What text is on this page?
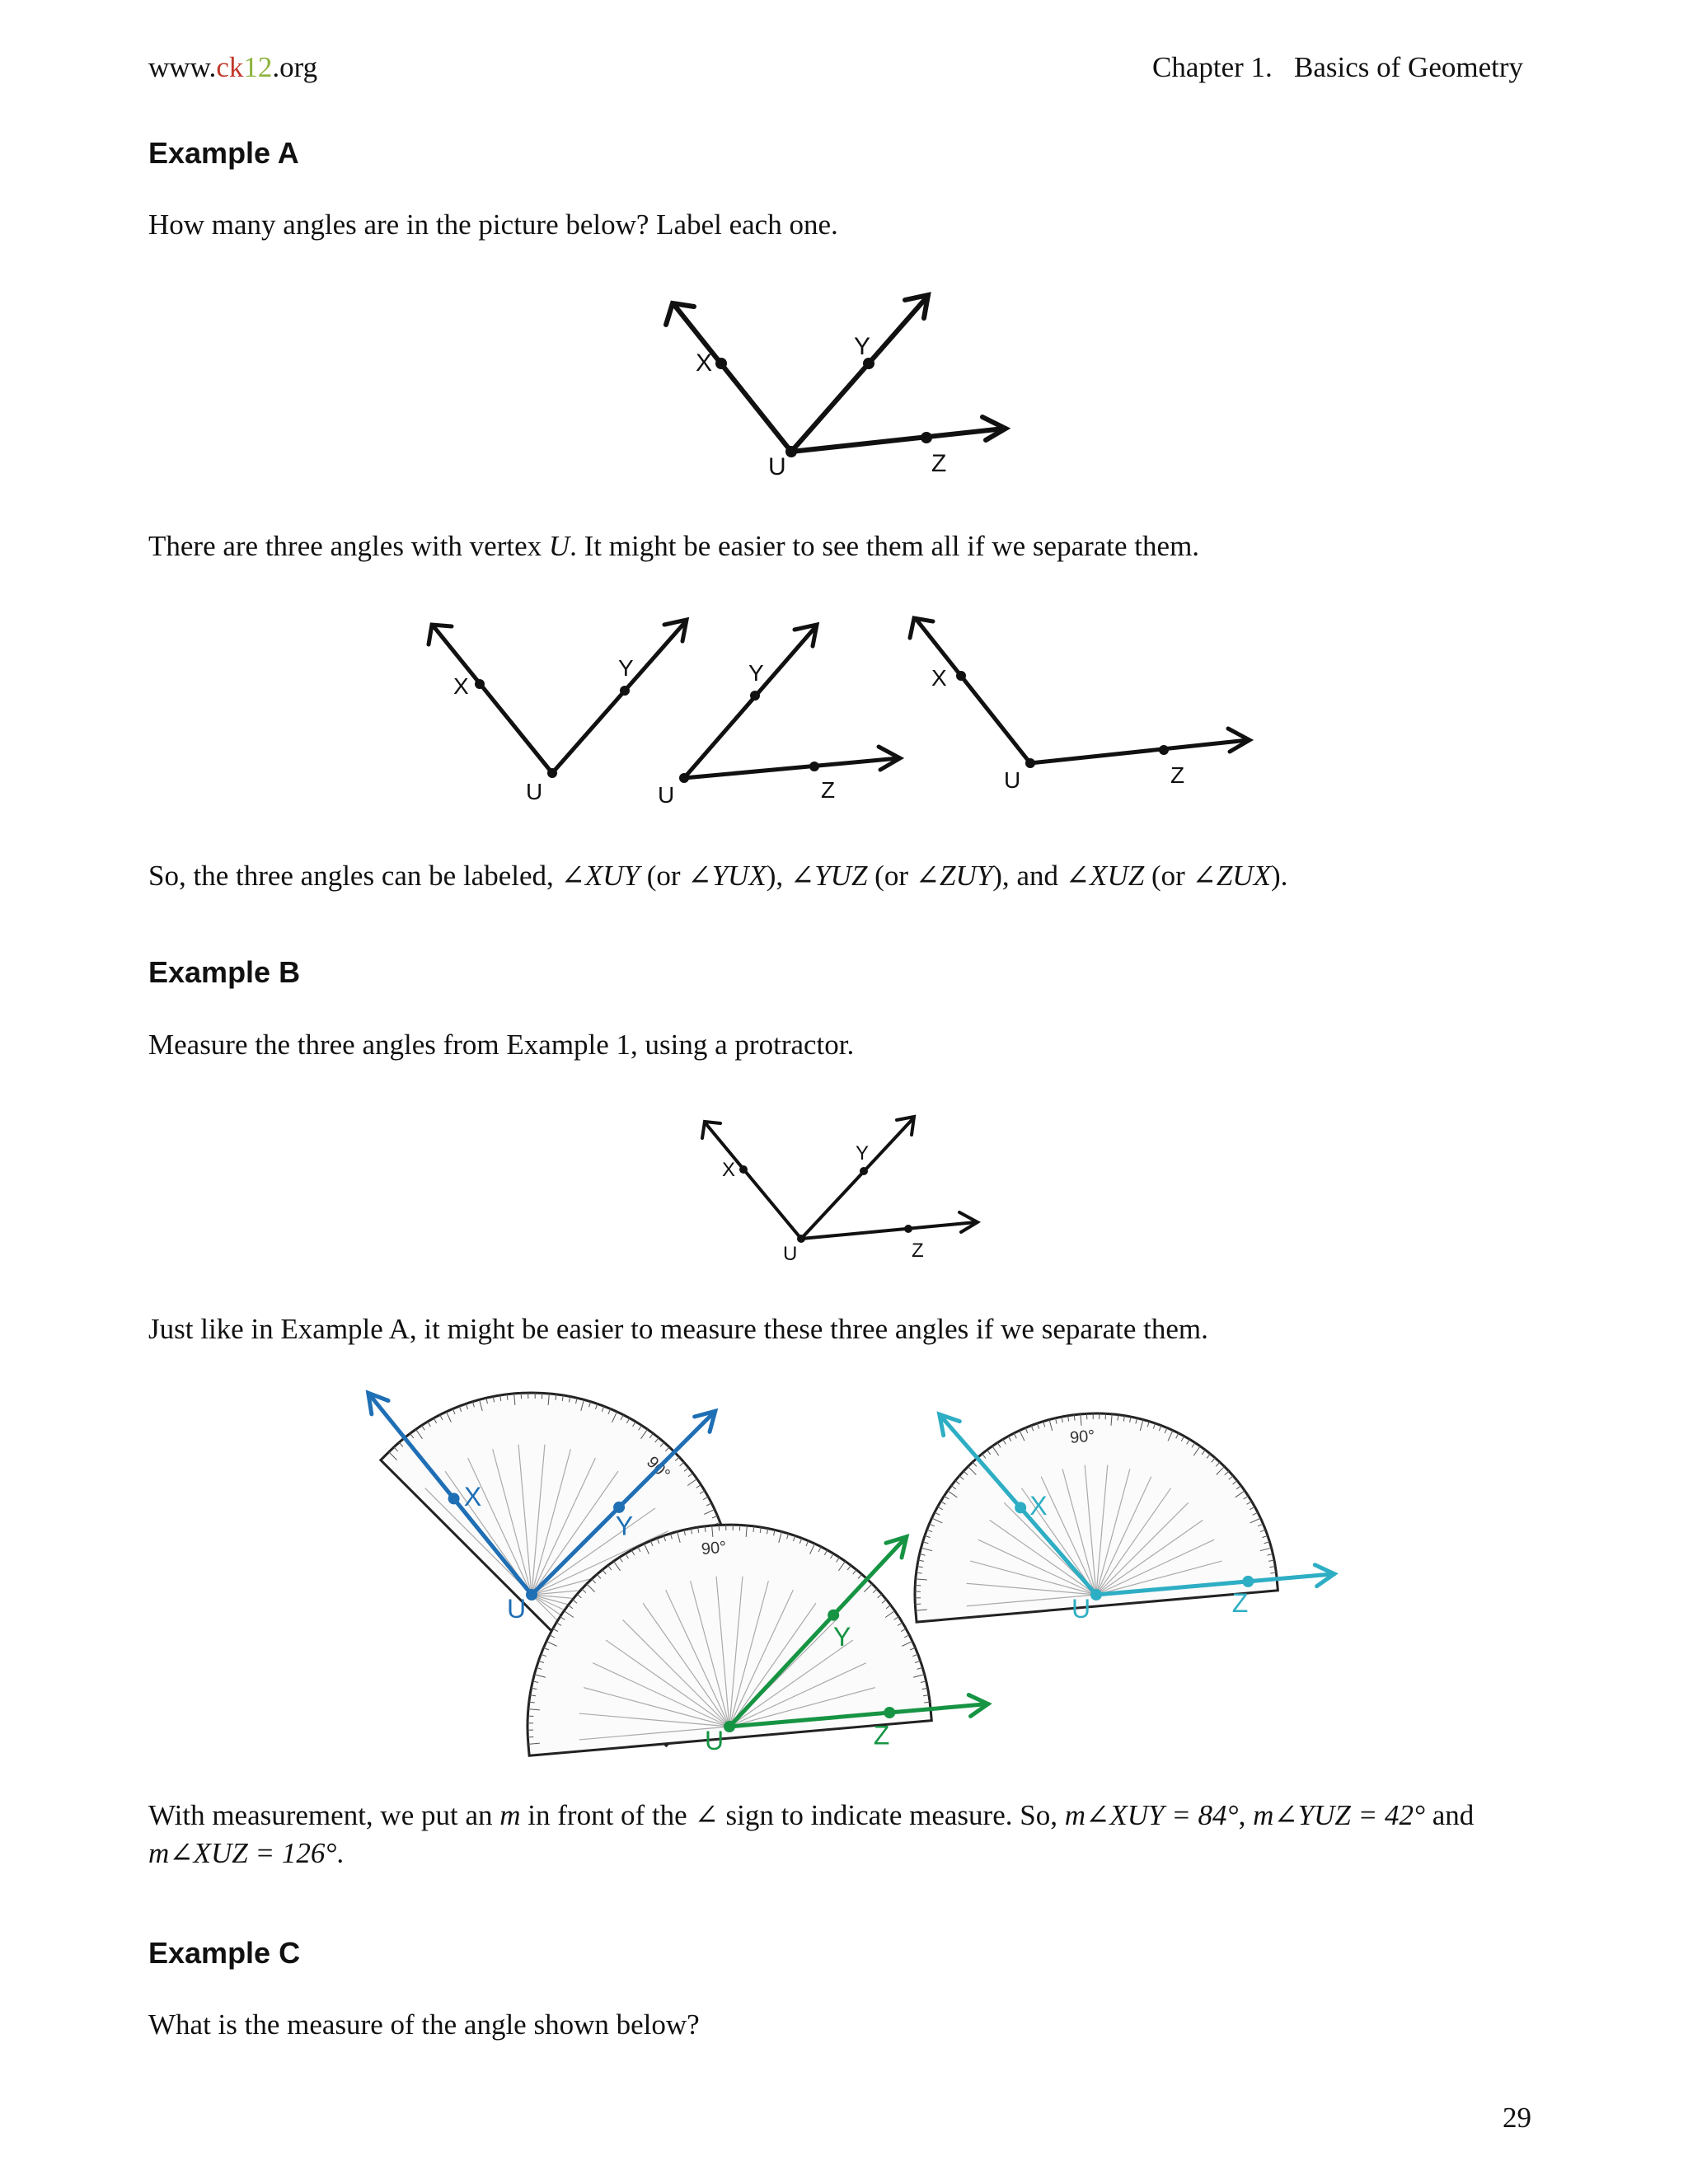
www.ck12.org	Chapter 1. Basics of Geometry
Example A
How many angles are in the picture below? Label each one.
X
Y
U	Z
There are three angles with vertex U. It might be easier to see them all if we separate them.
X
Y
U	U
Y
Z
X
U	Z
So, the three angles can be labeled, ∠XUY (or ∠YUX), ∠YUZ (or ∠ZUY), and ∠XUZ (or ∠ZUX).
Example B
Measure the three angles from Example 1, using a protractor.
X
Y
U	Z
Just like in Example A, it might be easier to measure these three angles if we separate them.
X
Y
U
90°
Y
Z
U
90°
X
Z
U
With measurement, we put an m in front of the ∠ sign to indicate measure. So, m∠XUY = 84°, m∠YUZ = 42° and
m∠XUZ = 126°.
Example C
What is the measure of the angle shown below?
29
